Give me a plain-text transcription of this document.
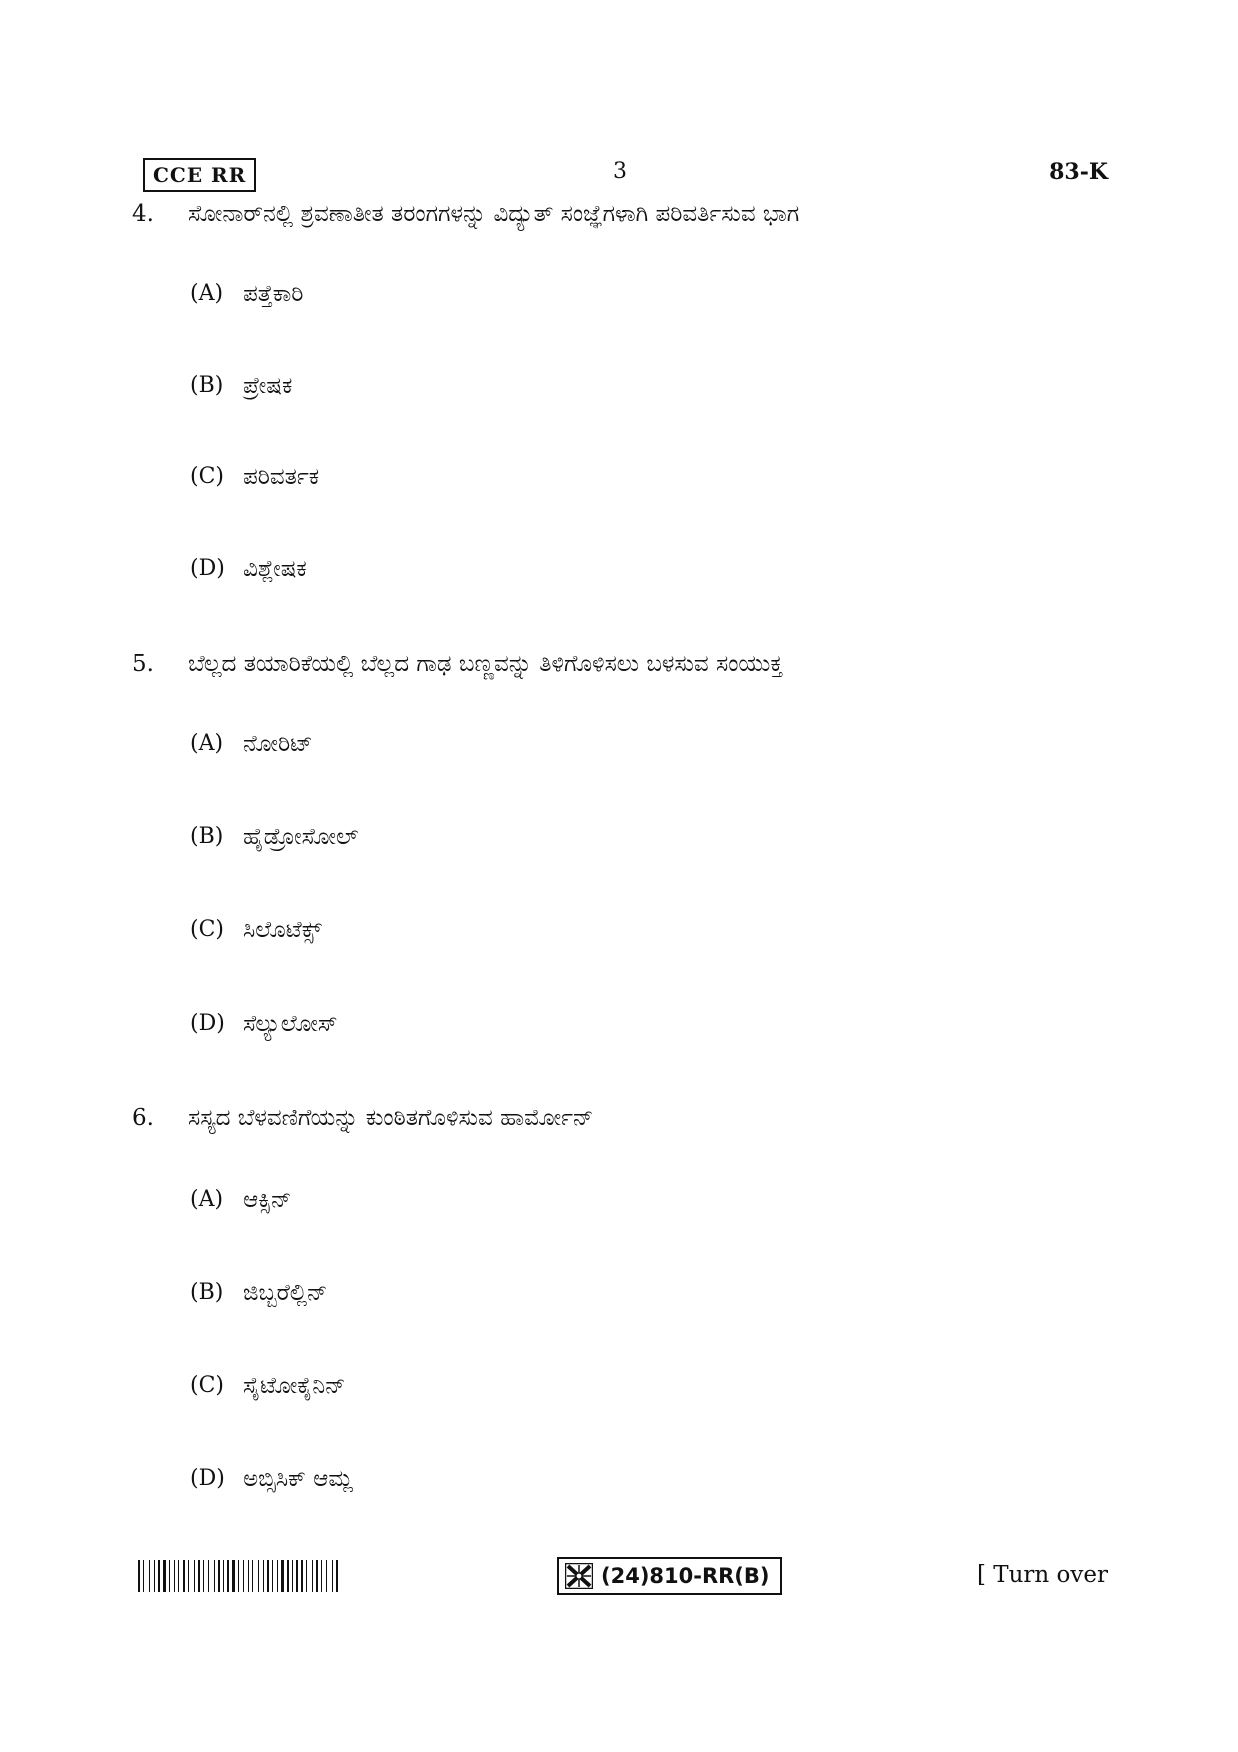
CCE RR	3	83-K
4. ಸೋನಾರ್‌ನಲ್ಲಿ ಶ್ರವಣಾತೀತ ತರಂಗಗಳನ್ನು ವಿದ್ಯುತ್ ಸಂಜ್ಞೆಗಳಾಗಿ ಪರಿವರ್ತಿಸುವ ಭಾಗ
(A) ಪತ್ತೆಕಾರಿ
(B) ಪ್ರೇಷಕ
(C) ಪರಿವರ್ತಕ
(D) ವಿಶ್ಲೇಷಕ
5. ಬೆಲ್ಲದ ತಯಾರಿಕೆಯಲ್ಲಿ ಬೆಲ್ಲದ ಗಾಢ ಬಣ್ಣವನ್ನು ತಿಳಿಗೊಳಿಸಲು ಬಳಸುವ ಸಂಯುಕ್ತ
(A) ನೋರಿಟ್
(B) ಹೈಡ್ರೋಸೋಲ್
(C) ಸಿಲೊಟೆಕ್ಸ್
(D) ಸೆಲ್ಯುಲೋಸ್
6. ಸಸ್ಯದ ಬೆಳವಣಿಗೆಯನ್ನು ಕುಂಠಿತಗೊಳಿಸುವ ಹಾರ್ಮೋನ್
(A) ಆಕ್ಸಿನ್
(B) ಜಿಬ್ಬರೆಲ್ಲಿನ್
(C) ಸೈಟೋಕೈನಿನ್
(D) ಅಬ್ಸಿಸಿಕ್ ಆಮ್ಲ
(24)810-RR(B)	[ Turn over
